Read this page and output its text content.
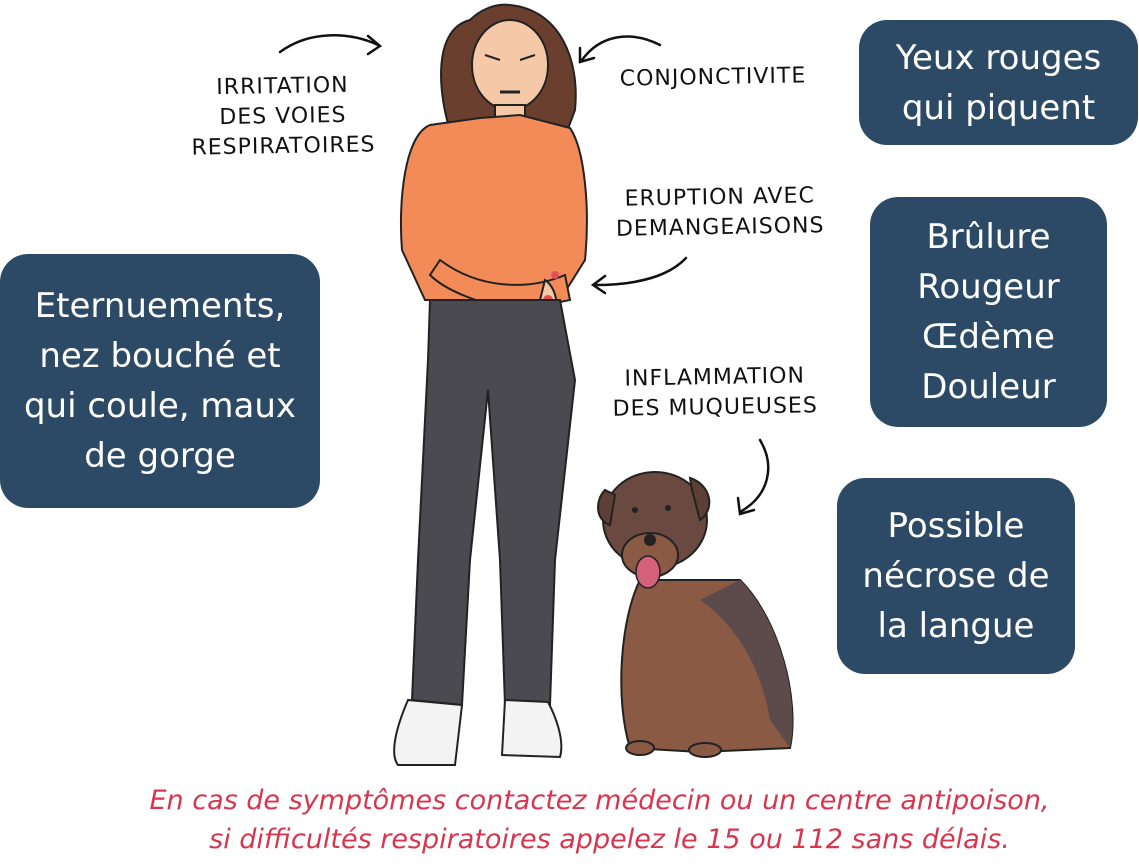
IRRITATION
DES VOIES
RESPIRATOIRES
CONJONCTIVITE
ERUPTION AVEC
DEMANGEAISONS
INFLAMMATION
DES MUQUEUSES
Yeux rouges
qui piquent
Brûlure
Rougeur
Œdème
Douleur
Eternuements,
nez bouché et
qui coule, maux
de gorge
Possible
nécrose de
la langue
En cas de symptômes contactez médecin ou un centre antipoison,
si difficultés respiratoires appelez le 15 ou 112 sans délais.
